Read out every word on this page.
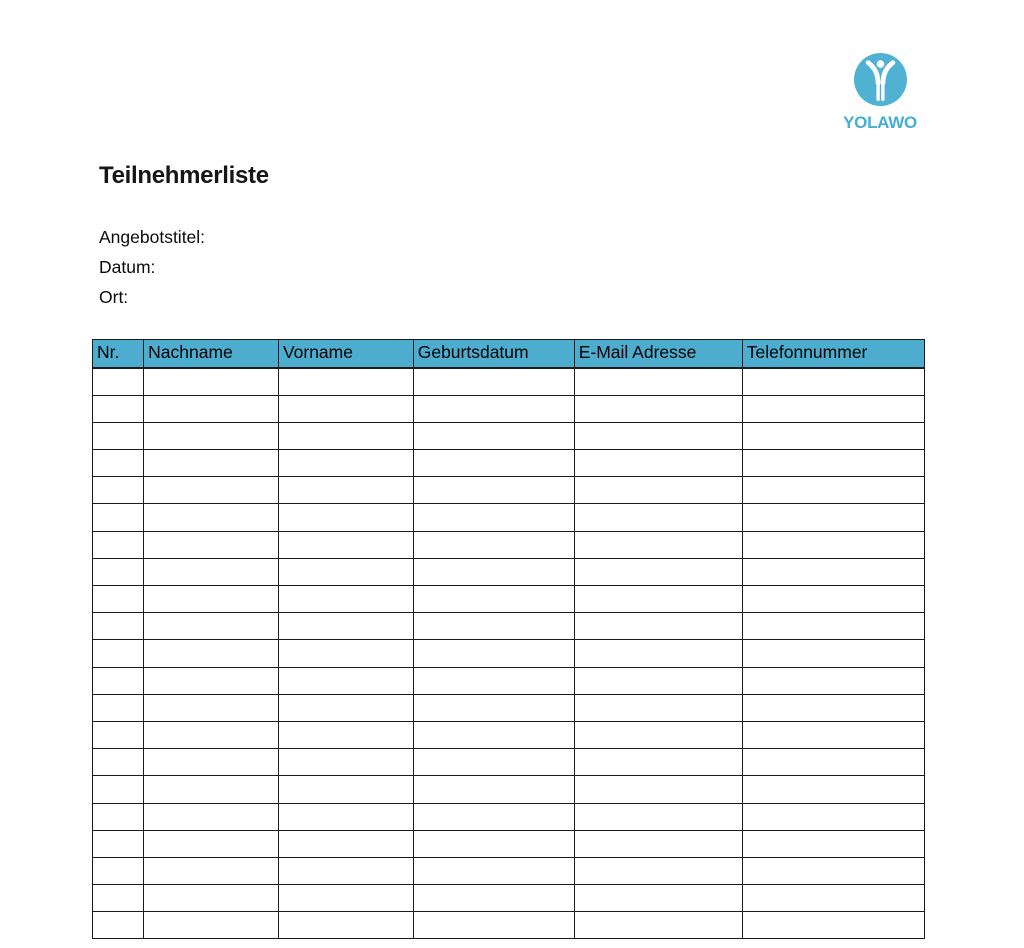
YOLAWO
Teilnehmerliste
Angebotstitel:
Datum:
Ort:
Nr.	Nachname	Vorname	Geburtsdatum	E-Mail Adresse	Telefonnummer
